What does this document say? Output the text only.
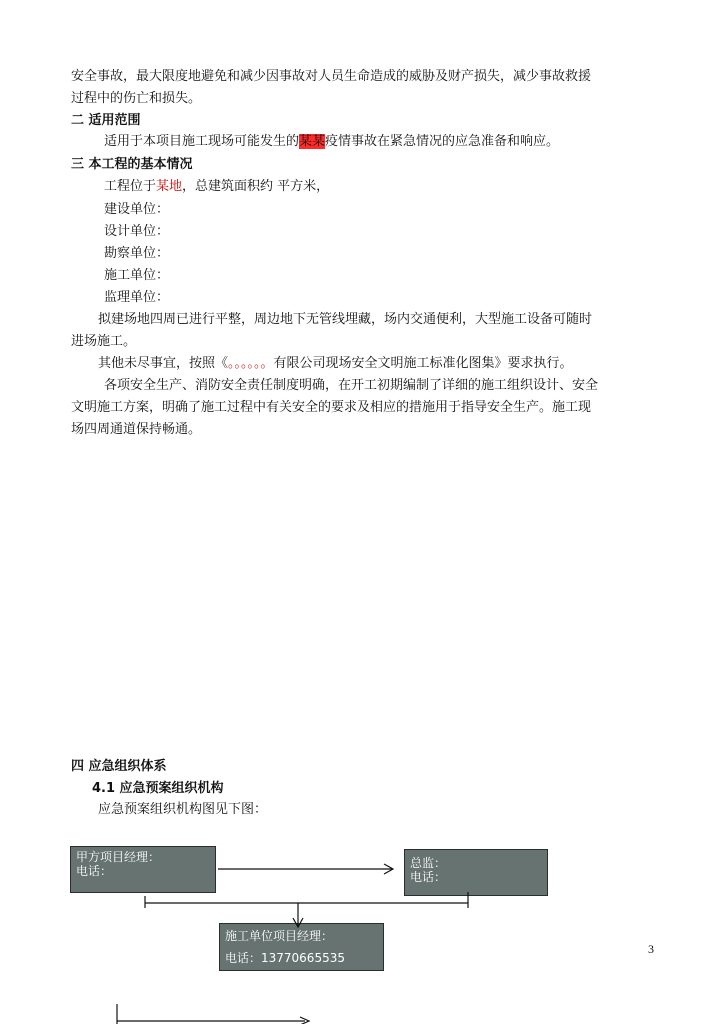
安全事故，最大限度地避免和减少因事故对人员生命造成的威胁及财产损失，减少事故救援
过程中的伤亡和损失。
二 适用范围
适用于本项目施工现场可能发生的某某疫情事故在紧急情况的应急准备和响应。
三 本工程的基本情况
工程位于某地，总建筑面积约 平方米，
建设单位：
设计单位：
勘察单位：
施工单位：
监理单位：
拟建场地四周已进行平整，周边地下无管线埋藏，场内交通便利，大型施工设备可随时
进场施工。
其他未尽事宜，按照《。。。。。。有限公司现场安全文明施工标准化图集》要求执行。
各项安全生产、消防安全责任制度明确，在开工初期编制了详细的施工组织设计、安全
文明施工方案，明确了施工过程中有关安全的要求及相应的措施用于指导安全生产。施工现
场四周通道保持畅通。
四 应急组织体系
4.1 应急预案组织机构
应急预案组织机构图见下图：
甲方项目经理：
电话：
总监：
电话：
施工单位项目经理：
电话：13770665535
3
